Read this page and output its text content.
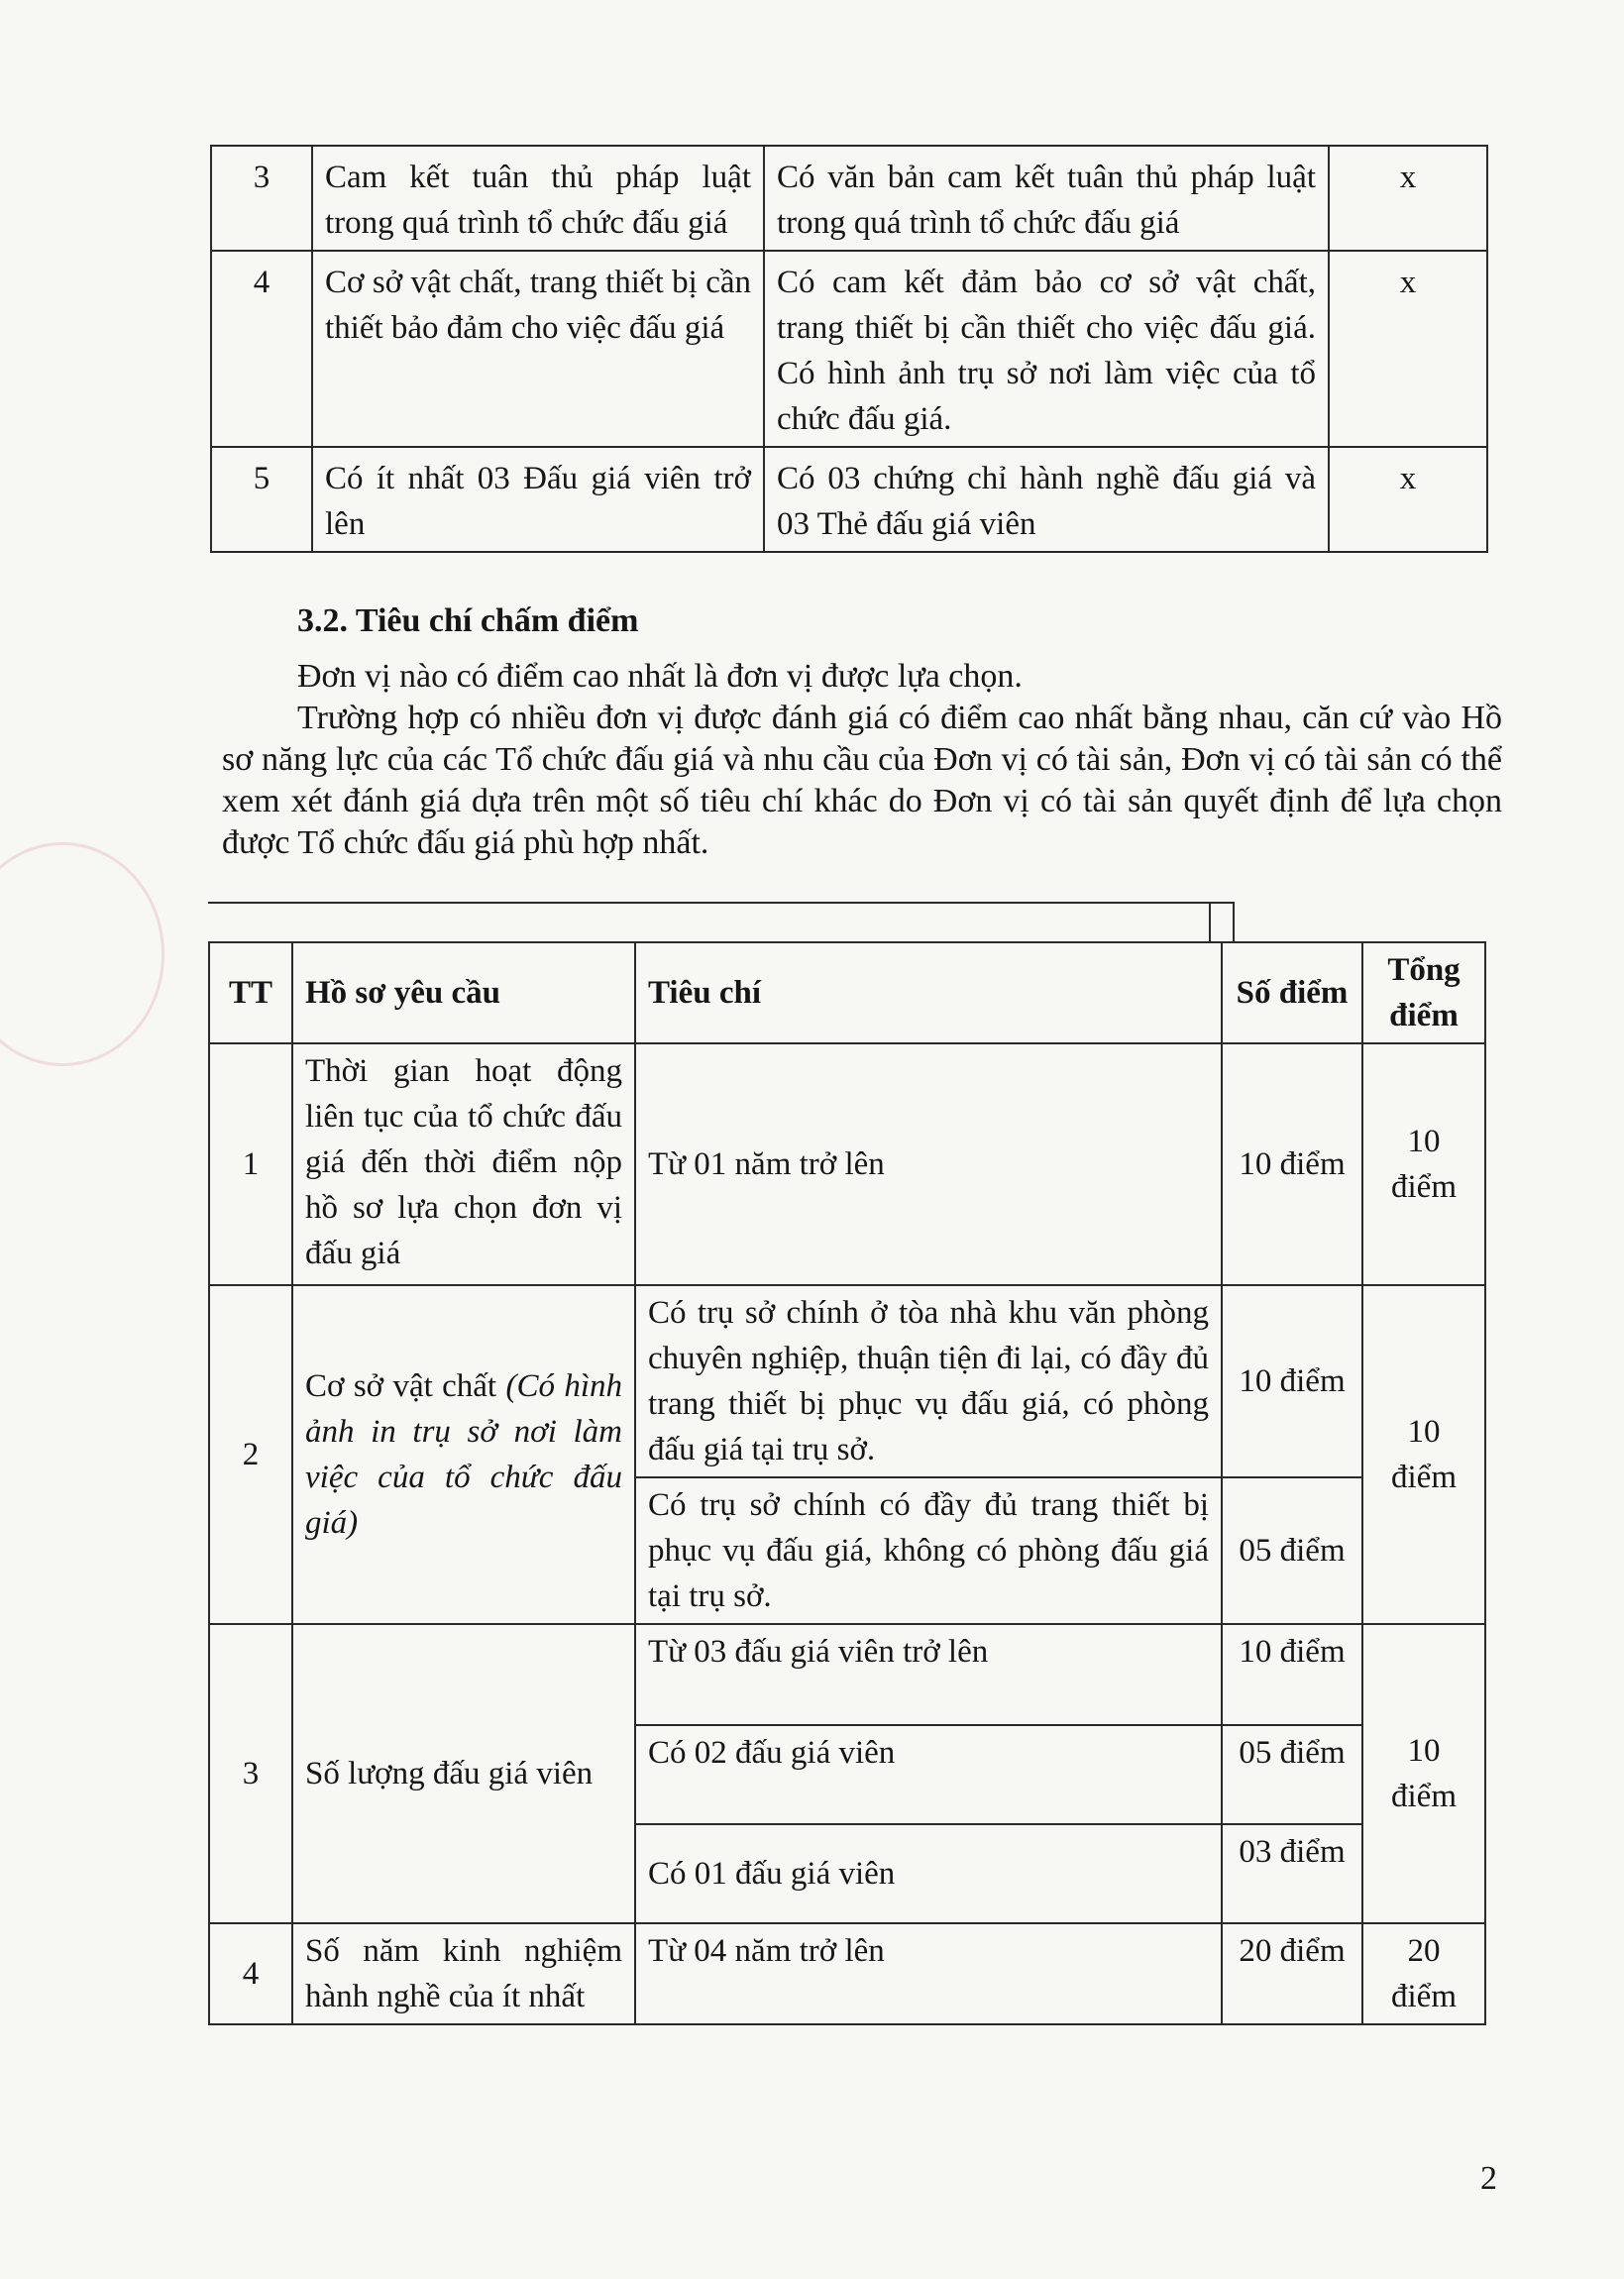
3	Cam kết tuân thủ pháp luật trong quá trình tổ chức đấu giá	Có văn bản cam kết tuân thủ pháp luật trong quá trình tổ chức đấu giá	x
4	Cơ sở vật chất, trang thiết bị cần thiết bảo đảm cho việc đấu giá	Có cam kết đảm bảo cơ sở vật chất, trang thiết bị cần thiết cho việc đấu giá. Có hình ảnh trụ sở nơi làm việc của tổ chức đấu giá.	x
5	Có ít nhất 03 Đấu giá viên trở lên	Có 03 chứng chỉ hành nghề đấu giá và 03 Thẻ đấu giá viên	x
3.2. Tiêu chí chấm điểm
Đơn vị nào có điểm cao nhất là đơn vị được lựa chọn.
Trường hợp có nhiều đơn vị được đánh giá có điểm cao nhất bằng nhau, căn cứ vào Hồ sơ năng lực của các Tổ chức đấu giá và nhu cầu của Đơn vị có tài sản, Đơn vị có tài sản có thể xem xét đánh giá dựa trên một số tiêu chí khác do Đơn vị có tài sản quyết định để lựa chọn được Tổ chức đấu giá phù hợp nhất.
TT	Hồ sơ yêu cầu	Tiêu chí	Số điểm	Tổng điểm
1	Thời gian hoạt động liên tục của tổ chức đấu giá đến thời điểm nộp hồ sơ lựa chọn đơn vị đấu giá	Từ 01 năm trở lên	10 điểm	10 điểm
2	Cơ sở vật chất (Có hình ảnh in trụ sở nơi làm việc của tổ chức đấu giá)	Có trụ sở chính ở tòa nhà khu văn phòng chuyên nghiệp, thuận tiện đi lại, có đầy đủ trang thiết bị phục vụ đấu giá, có phòng đấu giá tại trụ sở.	10 điểm	10 điểm
		Có trụ sở chính có đầy đủ trang thiết bị phục vụ đấu giá, không có phòng đấu giá tại trụ sở.	05 điểm	
3	Số lượng đấu giá viên	Từ 03 đấu giá viên trở lên	10 điểm	10 điểm
		Có 02 đấu giá viên	05 điểm	
		Có 01 đấu giá viên	03 điểm	
4	Số năm kinh nghiệm hành nghề của ít nhất	Từ 04 năm trở lên	20 điểm	20 điểm
2
